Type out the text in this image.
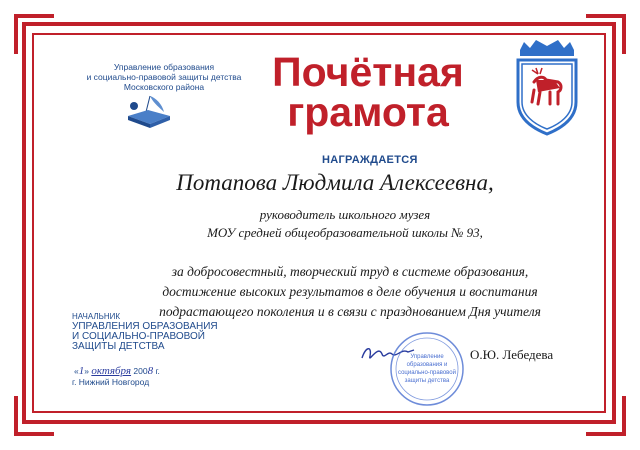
Управление образования
и социально-правовой защиты детства
Московского района	Почётная
грамота
НАГРАЖДАЕТСЯ
Потапова Людмила Алексеевна,
руководитель школьного музея
МОУ средней общеобразовательной школы № 93,
за добросовестный, творческий труд в системе образования,
достижение высоких результатов в деле обучения и воспитания
подрастающего поколения и в связи с празднованием Дня учителя
НАЧАЛЬНИК
УПРАВЛЕНИЯ ОБРАЗОВАНИЯ
И СОЦИАЛЬНО-ПРАВОВОЙ
ЗАЩИТЫ ДЕТСТВА
«1» октября 2008 г.
г. Нижний Новгород
Управление
образования и
социально-правовой
защиты детства
О.Ю. Лебедева
